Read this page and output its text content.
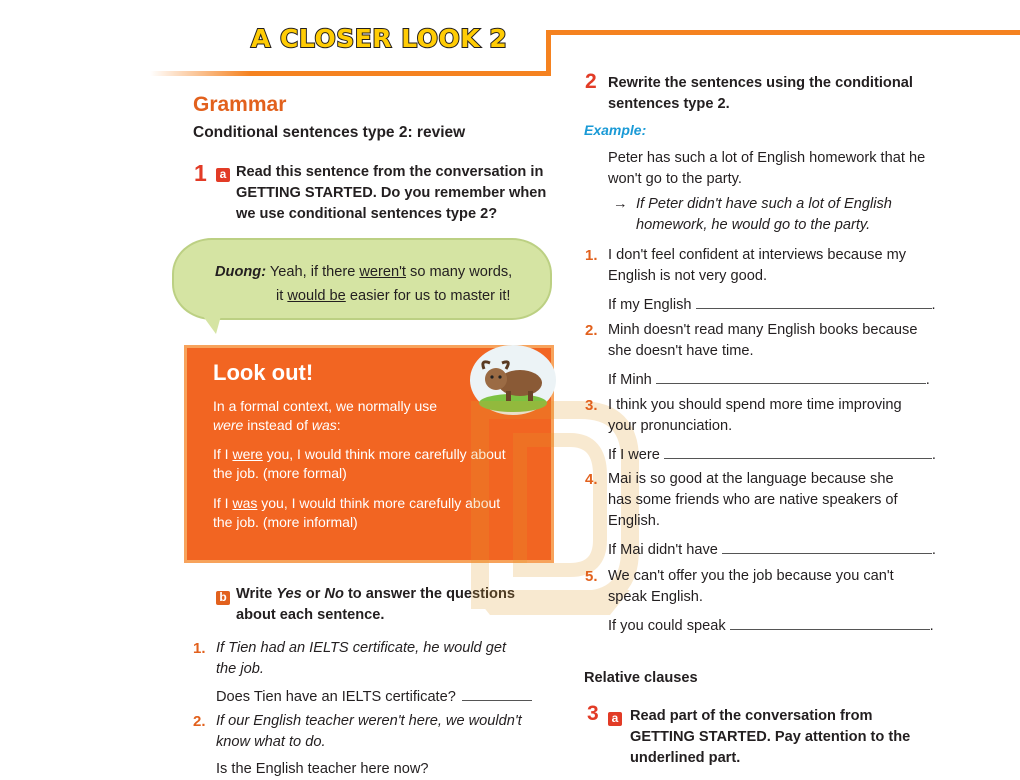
A CLOSER LOOK 2
Grammar
Conditional sentences type 2: review
1	a Read this sentence from the conversation in
GETTING STARTED. Do you remember when
we use conditional sentences type 2?
Duong: Yeah, if there weren't so many words,
it would be easier for us to master it!
Look out!
In a formal context, we normally use
were instead of was:
If I were you, I would think more carefully about
the job. (more formal)
If I was you, I would think more carefully about
the job. (more informal)
b Write Yes or No to answer the questions
about each sentence.
1. If Tien had an IELTS certificate, he would get
the job.
Does Tien have an IELTS certificate?
2. If our English teacher weren't here, we wouldn't
know what to do.
Is the English teacher here now?
2 Rewrite the sentences using the conditional
sentences type 2.
Example:
Peter has such a lot of English homework that he
won't go to the party.
→ If Peter didn't have such a lot of English
homework, he would go to the party.
1. I don't feel confident at interviews because my
English is not very good.
If my English	.
2. Minh doesn't read many English books because
she doesn't have time.
If Minh	.
3. I think you should spend more time improving
your pronunciation.
If I were	.
4. Mai is so good at the language because she
has some friends who are native speakers of
English.
If Mai didn't have	.
5. We can't offer you the job because you can't
speak English.
If you could speak	.
Relative clauses
3	a Read part of the conversation from
GETTING STARTED. Pay attention to the
underlined part.
